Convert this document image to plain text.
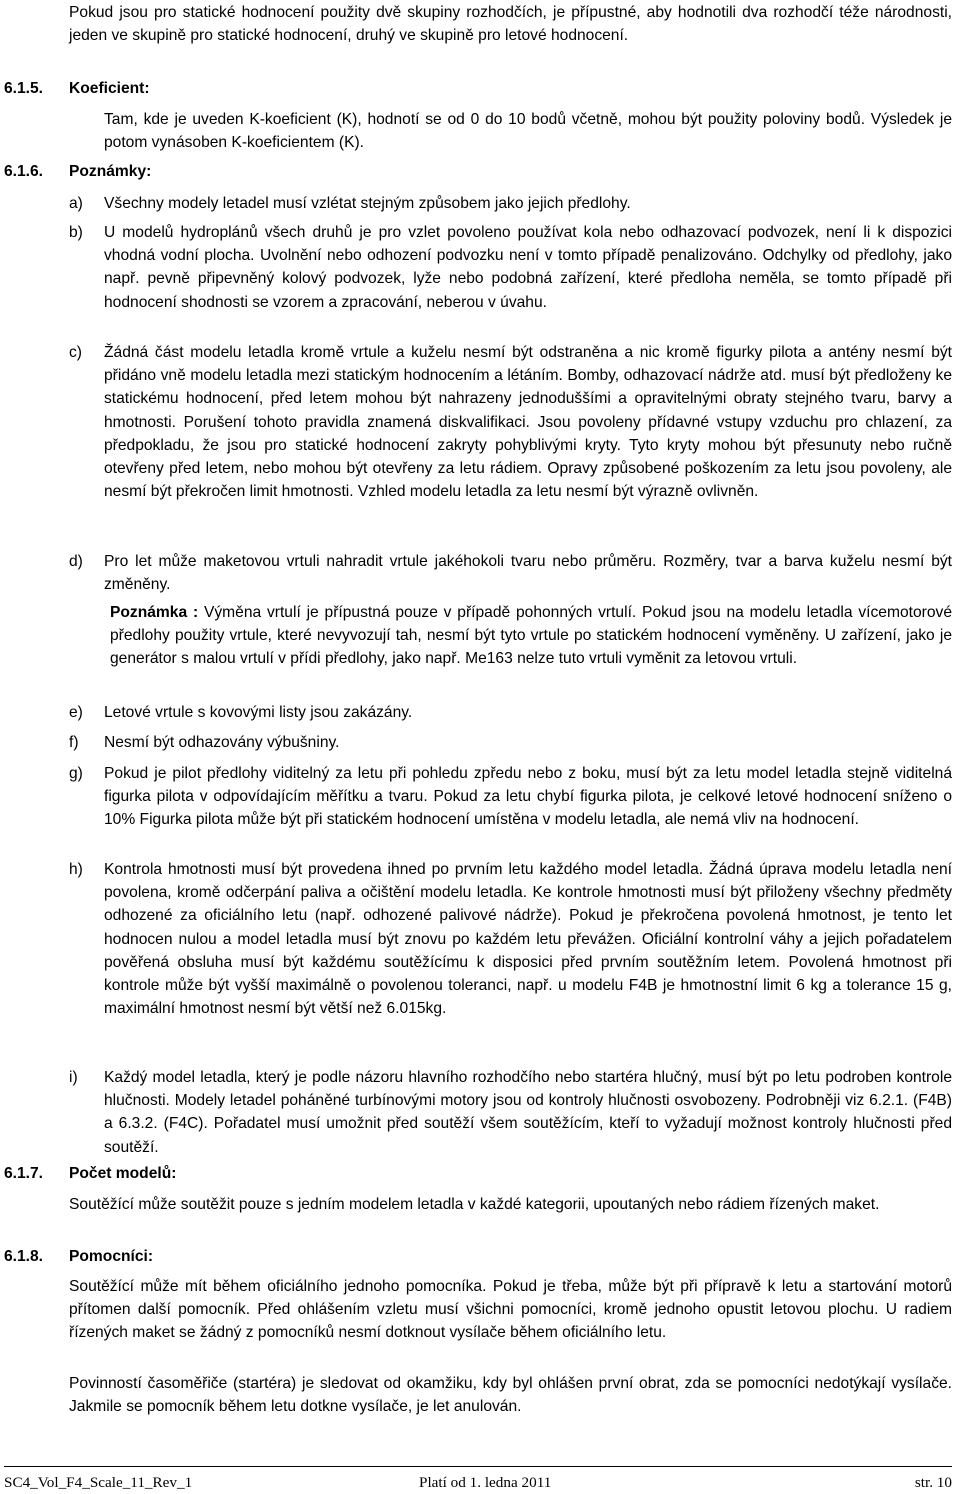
Pokud jsou pro statické hodnocení použity dvě skupiny rozhodčích, je přípustné, aby hodnotili dva rozhodčí téže národnosti, jeden ve skupině pro statické hodnocení, druhý ve skupině pro letové hodnocení.
6.1.5. Koeficient:
Tam, kde je uveden K-koeficient (K), hodnotí se od 0 do 10 bodů včetně, mohou být použity poloviny bodů. Výsledek je potom vynásoben K-koeficientem (K).
6.1.6. Poznámky:
a) Všechny modely letadel musí vzlétat stejným způsobem jako jejich předlohy.
b) U modelů hydroplánů všech druhů je pro vzlet povoleno používat kola nebo odhazovací podvozek, není li k dispozici vhodná vodní plocha. Uvolnění nebo odhození podvozku není v tomto případě penalizováno. Odchylky od předlohy, jako např. pevně připevněný kolový podvozek, lyže nebo podobná zařízení, které předloha neměla, se tomto případě při hodnocení shodnosti se vzorem a zpracování, neberou v úvahu.
c) Žádná část modelu letadla kromě vrtule a kuželu nesmí být odstraněna a nic kromě figurky pilota a antény nesmí být přidáno vně modelu letadla mezi statickým hodnocením a létáním. Bomby, odhazovací nádrže atd. musí být předloženy ke statickému hodnocení, před letem mohou být nahrazeny jednoduššími a opravitelnými obraty stejného tvaru, barvy a hmotnosti. Porušení tohoto pravidla znamená diskvalifikaci. Jsou povoleny přídavné vstupy vzduchu pro chlazení, za předpokladu, že jsou pro statické hodnocení zakryty pohyblivými kryty. Tyto kryty mohou být přesunuty nebo ručně otevřeny před letem, nebo mohou být otevřeny za letu rádiem. Opravy způsobené poškozením za letu jsou povoleny, ale nesmí být překročen limit hmotnosti. Vzhled modelu letadla za letu nesmí být výrazně ovlivněn.
d) Pro let může maketovou vrtuli nahradit vrtule jakéhokoli tvaru nebo průměru. Rozměry, tvar a barva kuželu nesmí být změněny.
Poznámka : Výměna vrtulí je přípustná pouze v případě pohonných vrtulí. Pokud jsou na modelu letadla vícemotorové předlohy použity vrtule, které nevyvozují tah, nesmí být tyto vrtule po statickém hodnocení vyměněny. U zařízení, jako je generátor s malou vrtulí v přídi předlohy, jako např. Me163 nelze tuto vrtuli vyměnit za letovou vrtuli.
e) Letové vrtule s kovovými listy jsou zakázány.
f) Nesmí být odhazovány výbušniny.
g) Pokud je pilot předlohy viditelný za letu při pohledu zpředu nebo z boku, musí být za letu model letadla stejně viditelná figurka pilota v odpovídajícím měřítku a tvaru. Pokud za letu chybí figurka pilota, je celkové letové hodnocení sníženo o 10% Figurka pilota může být při statickém hodnocení umístěna v modelu letadla, ale nemá vliv na hodnocení.
h) Kontrola hmotnosti musí být provedena ihned po prvním letu každého model letadla. Žádná úprava modelu letadla není povolena, kromě odčerpání paliva a očištění modelu letadla. Ke kontrole hmotnosti musí být přiloženy všechny předměty odhozené za oficiálního letu (např. odhozené palivové nádrže). Pokud je překročena povolená hmotnost, je tento let hodnocen nulou a model letadla musí být znovu po každém letu převážen. Oficiální kontrolní váhy a jejich pořadatelem pověřená obsluha musí být každému soutěžícímu k disposici před prvním soutěžním letem. Povolená hmotnost při kontrole může být vyšší maximálně o povolenou toleranci, např. u modelu F4B je hmotnostní limit 6 kg a tolerance 15 g, maximální hmotnost nesmí být větší než 6.015kg.
i) Každý model letadla, který je podle názoru hlavního rozhodčího nebo startéra hlučný, musí být po letu podroben kontrole hlučnosti. Modely letadel poháněné turbínovými motory jsou od kontroly hlučnosti osvobozeny. Podrobněji viz 6.2.1. (F4B) a 6.3.2. (F4C). Pořadatel musí umožnit před soutěží všem soutěžícím, kteří to vyžadují možnost kontroly hlučnosti před soutěží.
6.1.7. Počet modelů:
Soutěžící může soutěžit pouze s jedním modelem letadla v každé kategorii, upoutaných nebo rádiem řízených maket.
6.1.8. Pomocníci:
Soutěžící může mít během oficiálního jednoho pomocníka. Pokud je třeba, může být při přípravě k letu a startování motorů přítomen další pomocník. Před ohlášením vzletu musí všichni pomocníci, kromě jednoho opustit letovou plochu. U radiem řízených maket se žádný z pomocníků nesmí dotknout vysílače během oficiálního letu.
Povinností časoměřiče (startéra) je sledovat od okamžiku, kdy byl ohlášen první obrat, zda se pomocníci nedotýkají vysílače. Jakmile se pomocník během letu dotkne vysílače, je let anulován.
SC4_Vol_F4_Scale_11_Rev_1	Platí od 1. ledna 2011	str. 10
